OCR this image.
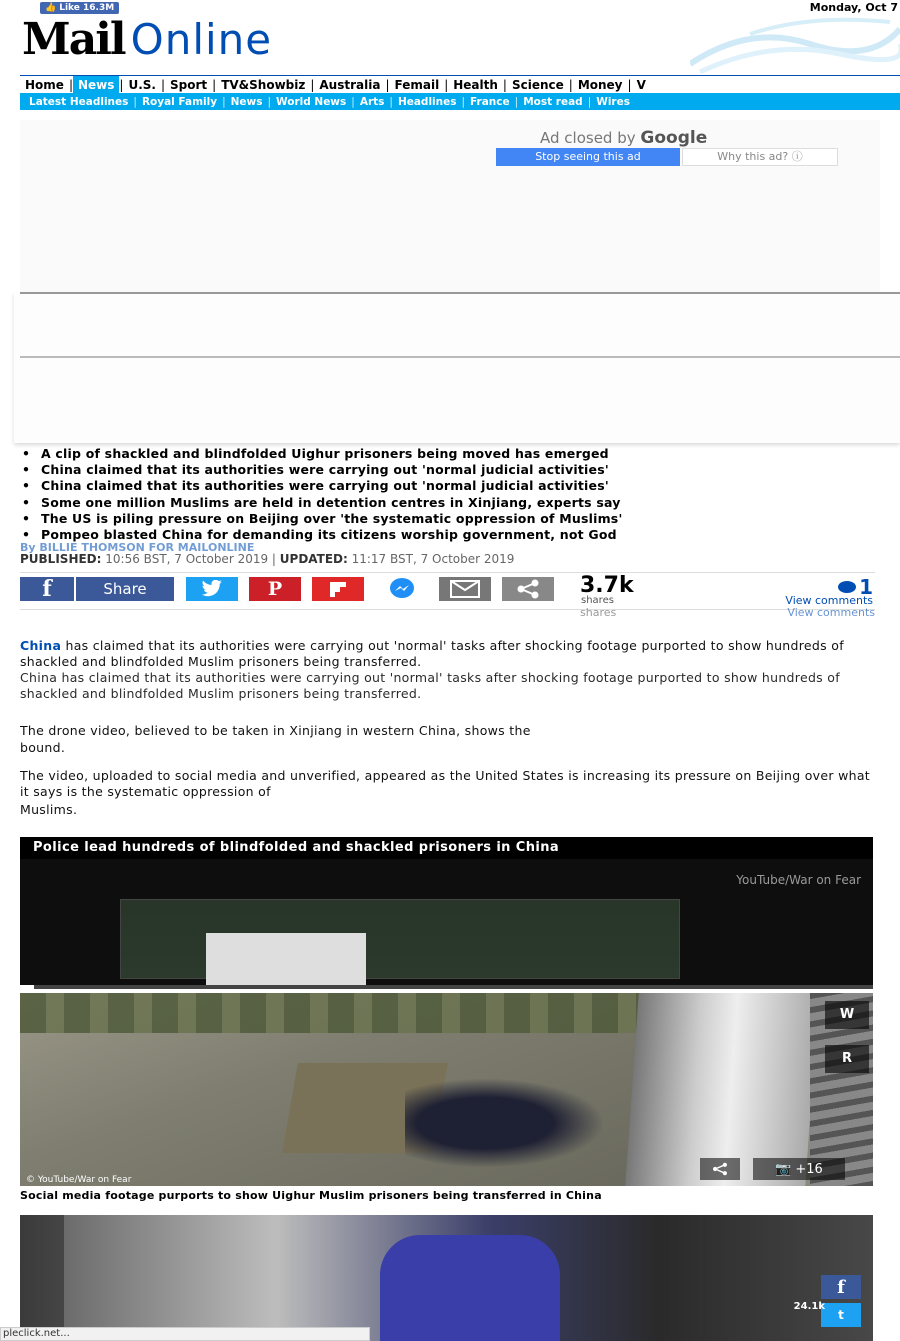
👍 Like 16.3M	Monday, Oct 7
Mail Online
Home | News | U.S. | Sport | TV&Showbiz | Australia | Femail | Health | Science | Money | V
Latest Headlines | Royal Family | News | World News | Arts | Headlines | France | Most read | Wires
Ad closed by Google
Stop seeing this ad	Why this ad? ⓘ
• A clip of shackled and blindfolded Uighur prisoners being moved has emerged
• China claimed that its authorities were carrying out 'normal judicial activities'
• China claimed that its authorities were carrying out 'normal judicial activities'
• Some one million Muslims are held in detention centres in Xinjiang, experts say
• The US is piling pressure on Beijing over 'the systematic oppression of Muslims'
• Pompeo blasted China for demanding its citizens worship government, not God
By BILLIE THOMSON FOR MAILONLINE
PUBLISHED: 10:56 BST, 7 October 2019 | UPDATED: 11:17 BST, 7 October 2019
f	Share	P	3.7k
shares
1
View comments
shares	View comments
China has claimed that its authorities were carrying out 'normal' tasks after shocking footage purported to show hundreds of shackled and blindfolded Muslim prisoners being transferred.
China has claimed that its authorities were carrying out 'normal' tasks after shocking footage purported to show hundreds of shackled and blindfolded Muslim prisoners being transferred.
The drone video, believed to be taken in Xinjiang in western China, shows the
bound.
The video, uploaded to social media and unverified, appeared as the United States is increasing its pressure on Beijing over what it says is the systematic oppression of
Muslims.
Police lead hundreds of blindfolded and shackled prisoners in China
YouTube/War on Fear
W
R
© YouTube/War on Fear
📷 +16
Social media footage purports to show Uighur Muslim prisoners being transferred in China
f
t
24.1k
pleclick.net...
